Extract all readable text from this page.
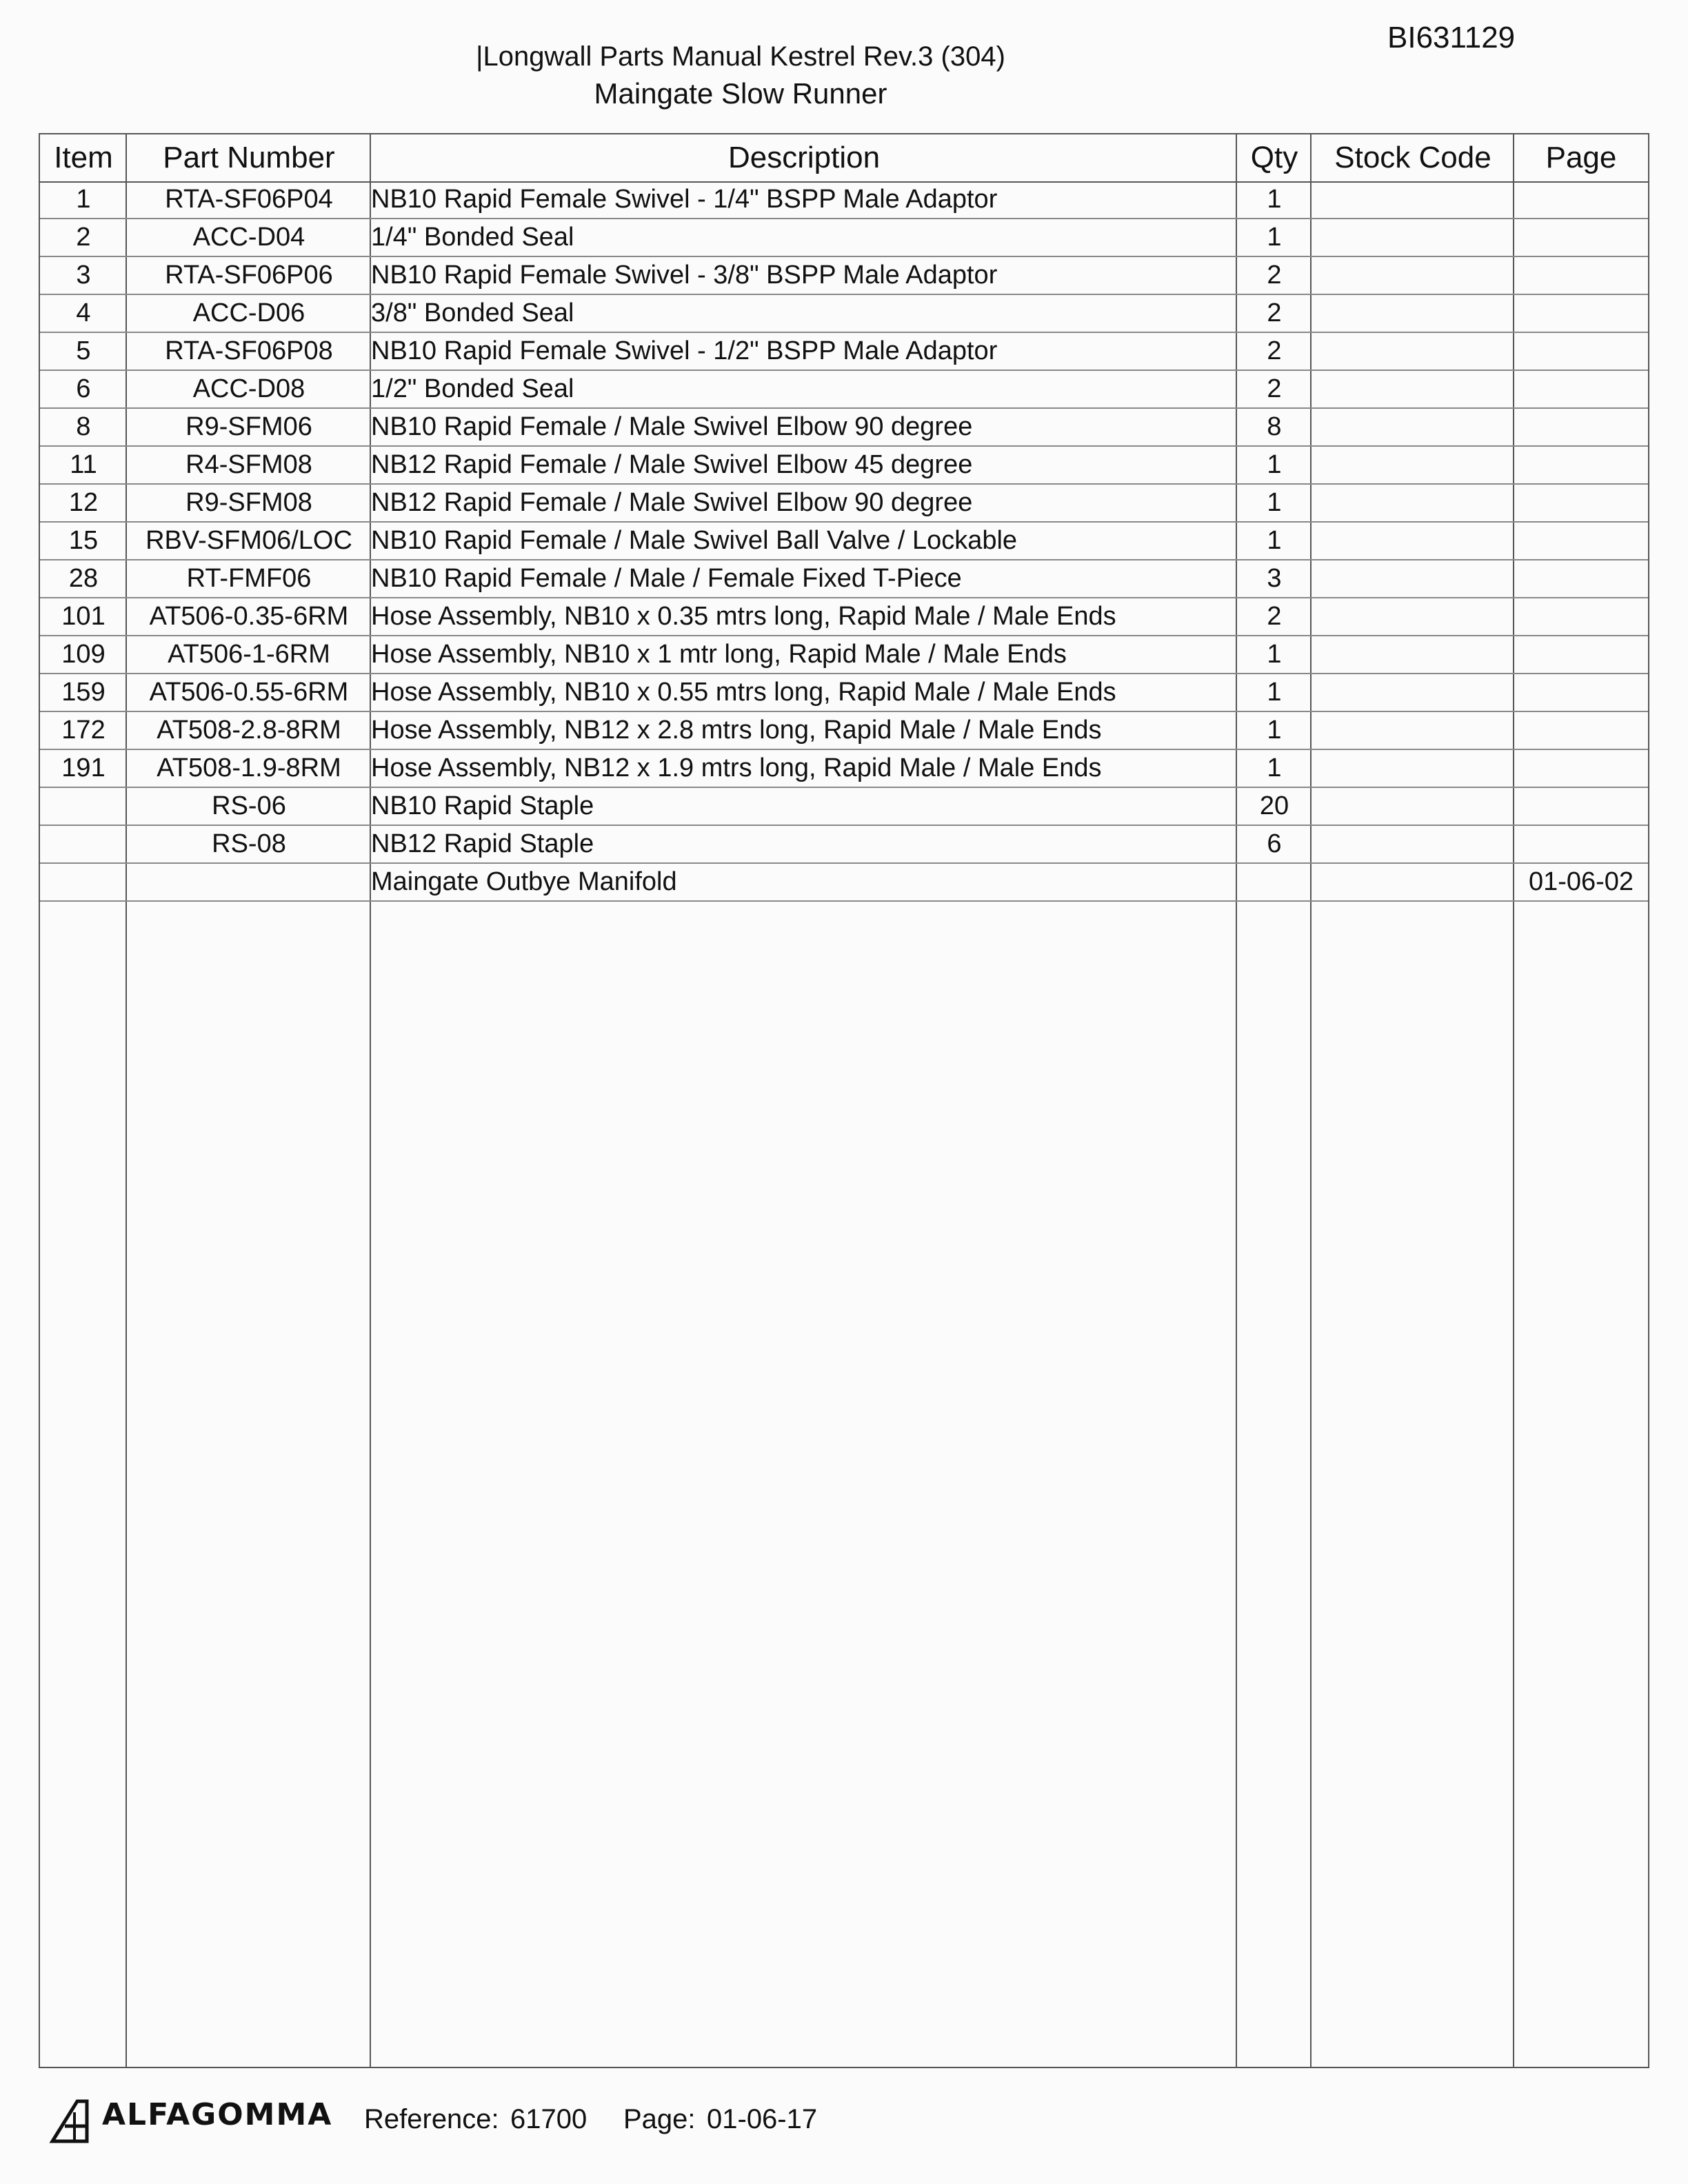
BI631129
|Longwall Parts Manual Kestrel Rev.3 (304)
Maingate Slow Runner
Item	Part Number	Description	Qty	Stock Code	Page
1	RTA-SF06P04	NB10 Rapid Female Swivel - 1/4" BSPP Male Adaptor	1		
2	ACC-D04	1/4" Bonded Seal	1		
3	RTA-SF06P06	NB10 Rapid Female Swivel - 3/8" BSPP Male Adaptor	2		
4	ACC-D06	3/8" Bonded Seal	2		
5	RTA-SF06P08	NB10 Rapid Female Swivel - 1/2" BSPP Male Adaptor	2		
6	ACC-D08	1/2" Bonded Seal	2		
8	R9-SFM06	NB10 Rapid Female / Male Swivel Elbow 90 degree	8		
11	R4-SFM08	NB12 Rapid Female / Male Swivel Elbow 45 degree	1		
12	R9-SFM08	NB12 Rapid Female / Male Swivel Elbow 90 degree	1		
15	RBV-SFM06/LOC	NB10 Rapid Female / Male Swivel Ball Valve / Lockable	1		
28	RT-FMF06	NB10 Rapid Female / Male / Female Fixed T-Piece	3		
101	AT506-0.35-6RM	Hose Assembly, NB10 x 0.35 mtrs long, Rapid Male / Male Ends	2		
109	AT506-1-6RM	Hose Assembly, NB10 x 1 mtr long, Rapid Male / Male Ends	1		
159	AT506-0.55-6RM	Hose Assembly, NB10 x 0.55 mtrs long, Rapid Male / Male Ends	1		
172	AT508-2.8-8RM	Hose Assembly, NB12 x 2.8 mtrs long, Rapid Male / Male Ends	1		
191	AT508-1.9-8RM	Hose Assembly, NB12 x 1.9 mtrs long, Rapid Male / Male Ends	1		
	RS-06	NB10 Rapid Staple	20		
	RS-08	NB12 Rapid Staple	6		
		Maingate Outbye Manifold			01-06-02
ALFAGOMMA Reference: 61700 Page: 01-06-17
